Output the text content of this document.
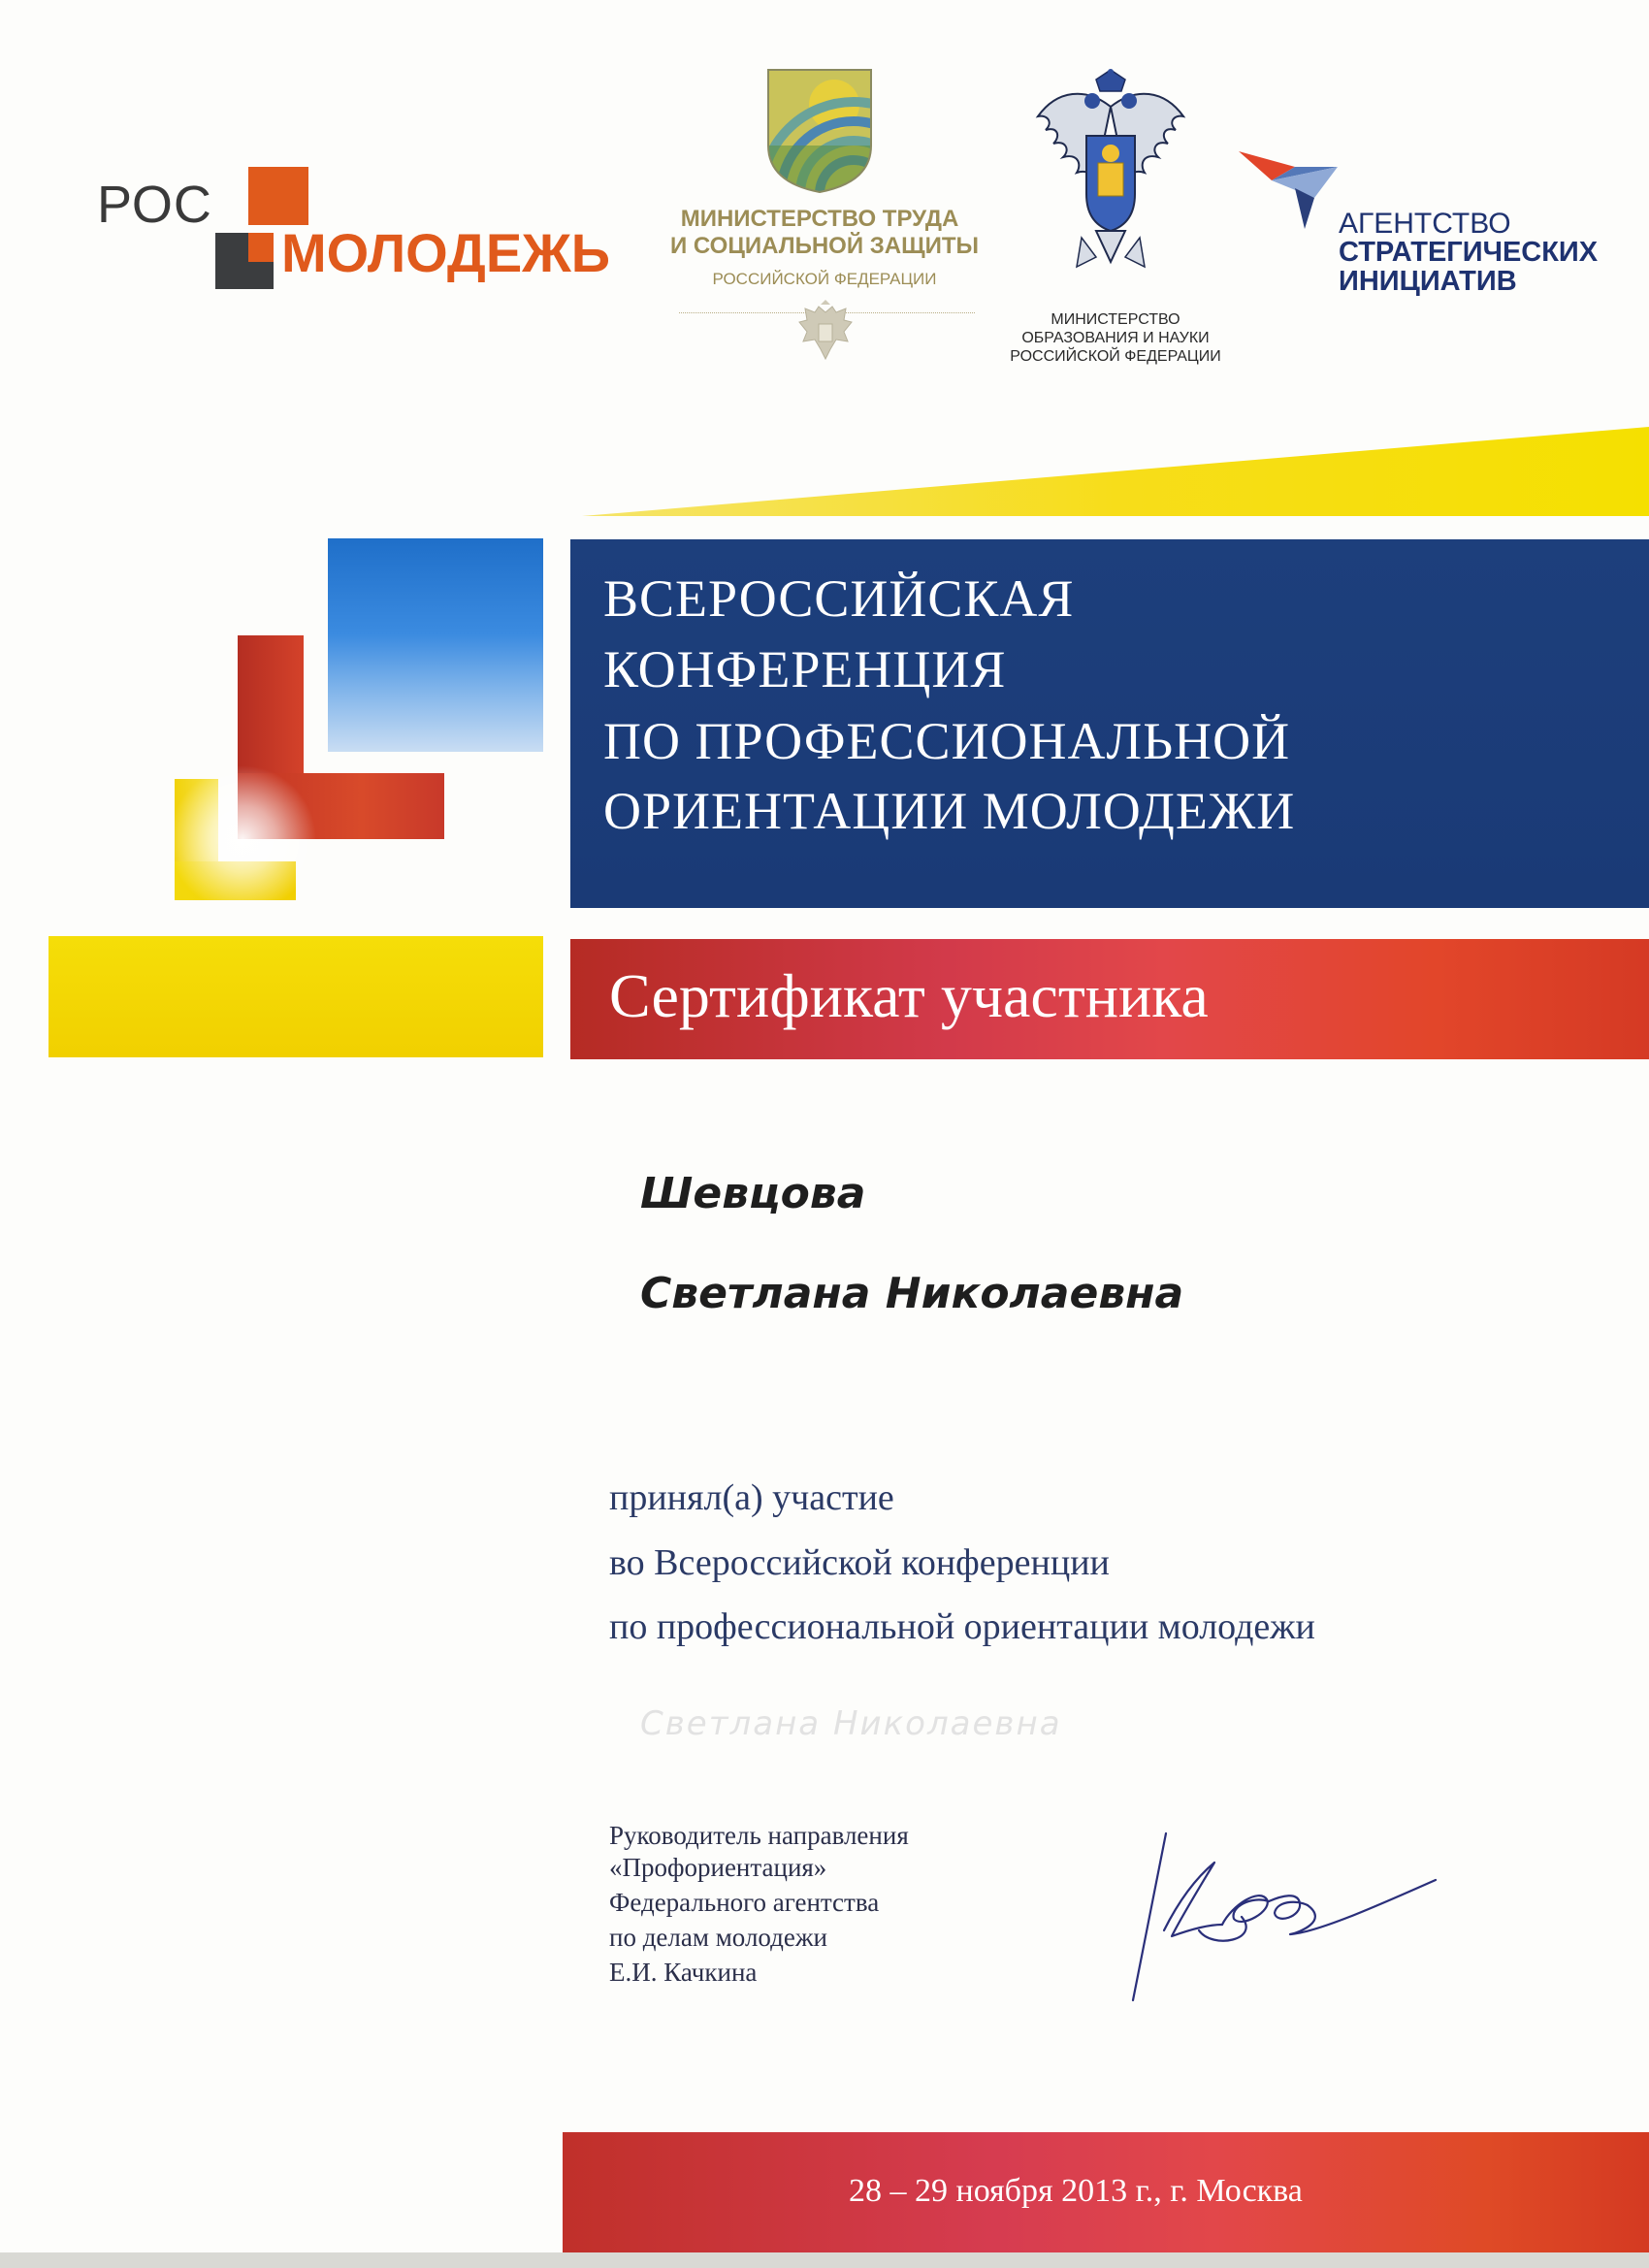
РОС
МОЛОДЕЖЬ
МИНИСТЕРСТВО ТРУДА
И СОЦИАЛЬНОЙ ЗАЩИТЫ
РОССИЙСКОЙ ФЕДЕРАЦИИ
МИНИСТЕРСТВО
ОБРАЗОВАНИЯ И НАУКИ
РОССИЙСКОЙ ФЕДЕРАЦИИ
АГЕНТСТВО
СТРАТЕГИЧЕСКИХ
ИНИЦИАТИВ
ВСЕРОССИЙСКАЯ
КОНФЕРЕНЦИЯ
ПО ПРОФЕССИОНАЛЬНОЙ
ОРИЕНТАЦИИ МОЛОДЕЖИ
Сертификат участника
Шевцова
Светлана Николаевна
принял(а) участие
во Всероссийской конференции
по профессиональной ориентации молодежи
Светлана Николаевна
Руководитель направления
«Профориентация»
Федерального агентства
по делам молодежи
Е.И. Качкина
28 – 29 ноября 2013 г., г. Москва
